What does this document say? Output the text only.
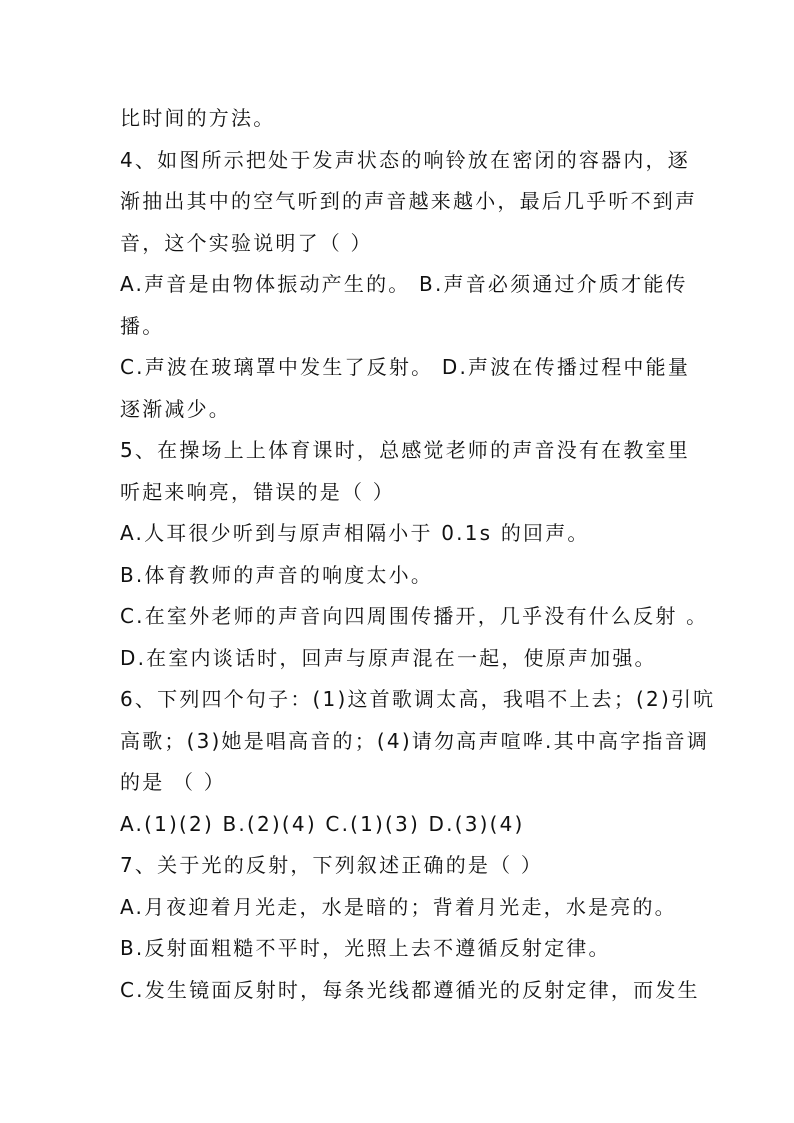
比时间的方法。
4、如图所示把处于发声状态的响铃放在密闭的容器内，逐
渐抽出其中的空气听到的声音越来越小，最后几乎听不到声
音，这个实验说明了（ ）
A.声音是由物体振动产生的。 B.声音必须通过介质才能传
播。
C.声波在玻璃罩中发生了反射。 D.声波在传播过程中能量
逐渐减少。
5、在操场上上体育课时，总感觉老师的声音没有在教室里
听起来响亮，错误的是（ ）
A.人耳很少听到与原声相隔小于 0.1s 的回声。
B.体育教师的声音的响度太小。
C.在室外老师的声音向四周围传播开，几乎没有什么反射 。
D.在室内谈话时，回声与原声混在一起，使原声加强。
6、下列四个句子：(1)这首歌调太高，我唱不上去；(2)引吭
高歌；(3)她是唱高音的；(4)请勿高声喧哗.其中高字指音调
的是 （ ）
A.(1)(2) B.(2)(4) C.(1)(3) D.(3)(4)
7、关于光的反射，下列叙述正确的是（ ）
A.月夜迎着月光走，水是暗的；背着月光走，水是亮的。
B.反射面粗糙不平时，光照上去不遵循反射定律。
C.发生镜面反射时，每条光线都遵循光的反射定律，而发生
